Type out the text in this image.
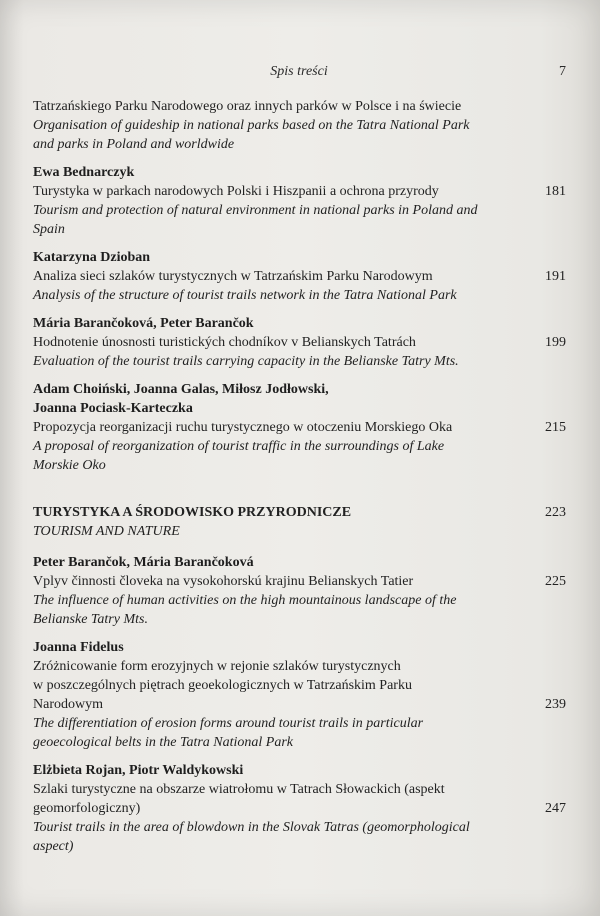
Spis treści	7
Tatrzańskiego Parku Narodowego oraz innych parków w Polsce i na świecie
Organisation of guideship in national parks based on the Tatra National Park
and parks in Poland and worldwide
Ewa Bednarczyk
Turystyka w parkach narodowych Polski i Hiszpanii a ochrona przyrody	181
Tourism and protection of natural environment in national parks in Poland and
Spain
Katarzyna Dzioban
Analiza sieci szlaków turystycznych w Tatrzańskim Parku Narodowym	191
Analysis of the structure of tourist trails network in the Tatra National Park
Mária Barančoková, Peter Barančok
Hodnotenie únosnosti turistických chodníkov v Belianskych Tatrách	199
Evaluation of the tourist trails carrying capacity in the Belianske Tatry Mts.
Adam Choiński, Joanna Galas, Miłosz Jodłowski,
Joanna Pociask-Karteczka
Propozycja reorganizacji ruchu turystycznego w otoczeniu Morskiego Oka	215
A proposal of reorganization of tourist traffic in the surroundings of Lake
Morskie Oko
TURYSTYKA A ŚRODOWISKO PRZYRODNICZE	223
TOURISM AND NATURE
Peter Barančok, Mária Barančoková
Vplyv činnosti človeka na vysokohorskú krajinu Belianskych Tatier	225
The influence of human activities on the high mountainous landscape of the
Belianske Tatry Mts.
Joanna Fidelus
Zróżnicowanie form erozyjnych w rejonie szlaków turystycznych
w poszczególnych piętrach geoekologicznych w Tatrzańskim Parku
Narodowym	239
The differentiation of erosion forms around tourist trails in particular
geoecological belts in the Tatra National Park
Elżbieta Rojan, Piotr Waldykowski
Szlaki turystyczne na obszarze wiatrołomu w Tatrach Słowackich (aspekt
geomorfologiczny)	247
Tourist trails in the area of blowdown in the Slovak Tatras (geomorphological
aspect)
